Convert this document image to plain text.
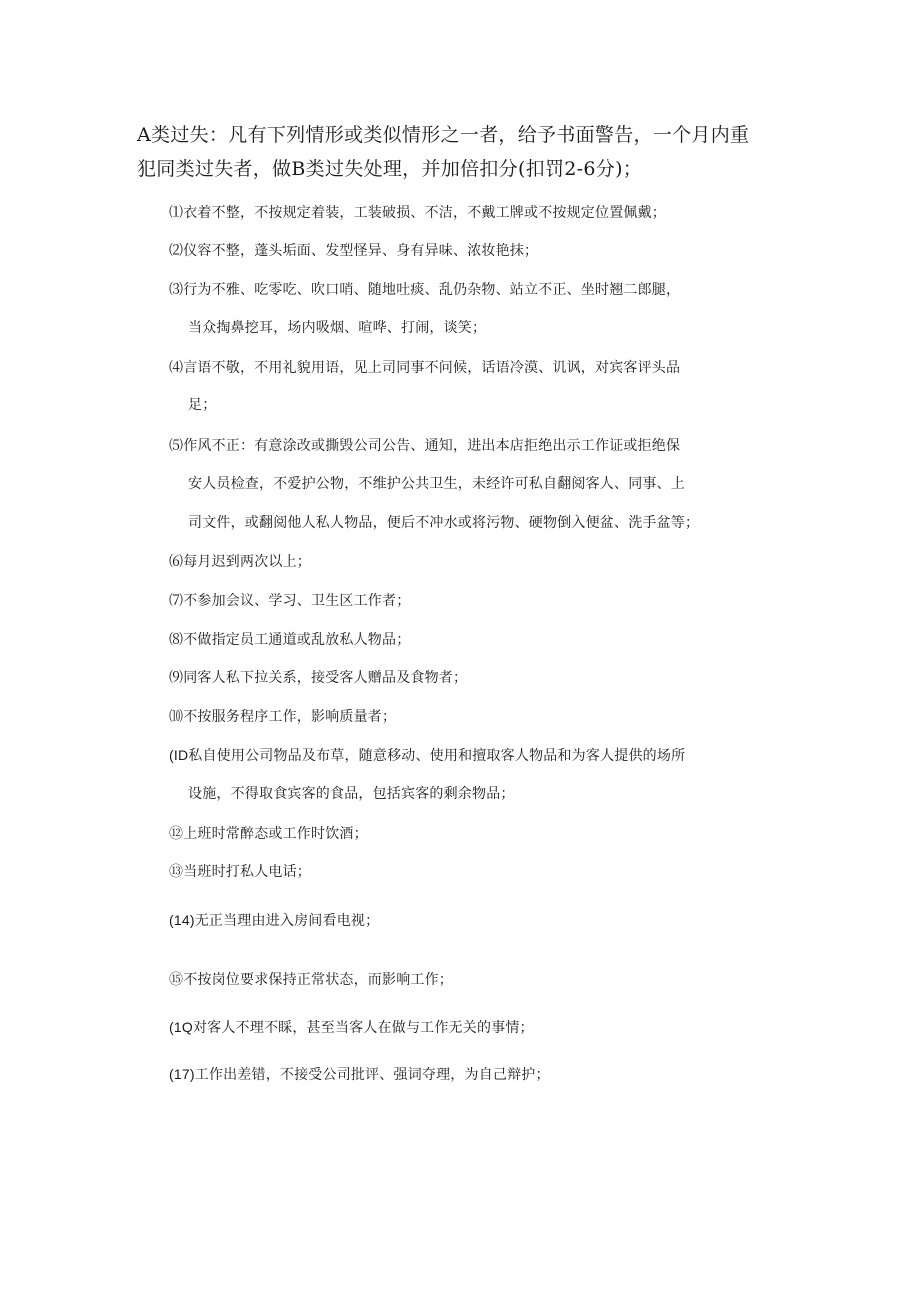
A类过失：凡有下列情形或类似情形之一者，给予书面警告，一个月内重
犯同类过失者，做B类过失处理，并加倍扣分(扣罚2-6分)；
⑴衣着不整，不按规定着装，工装破损、不洁，不戴工牌或不按规定位置佩戴；
⑵仪容不整，蓬头垢面、发型怪异、身有异味、浓妆艳抹；
⑶行为不雅、吃零吃、吹口哨、随地吐痰、乱仍杂物、站立不正、坐时翘二郎腿，
当众掏鼻挖耳，场内吸烟、喧哗、打闹，谈笑；
⑷言语不敬，不用礼貌用语，见上司同事不问候，话语冷漠、讥讽，对宾客评头品
足；
⑸作风不正：有意涂改或撕毁公司公告、通知，进出本店拒绝出示工作证或拒绝保
安人员检查，不爱护公物，不维护公共卫生，未经许可私自翻阅客人、同事、上
司文件，或翻阅他人私人物品，便后不冲水或将污物、硬物倒入便盆、洗手盆等；
⑹每月迟到两次以上；
⑺不参加会议、学习、卫生区工作者；
⑻不做指定员工通道或乱放私人物品；
⑼同客人私下拉关系，接受客人赠品及食物者；
⑽不按服务程序工作，影响质量者；
(ID私自使用公司物品及布草，随意移动、使用和擅取客人物品和为客人提供的场所
设施，不得取食宾客的食品，包括宾客的剩余物品；
⑫上班时常醉态或工作时饮酒；
⑬当班时打私人电话；
(14)无正当理由进入房间看电视；
⑮不按岗位要求保持正常状态，而影响工作；
(1Q对客人不理不睬，甚至当客人在做与工作无关的事情；
(17)工作出差错，不接受公司批评、强词夺理，为自己辩护；
